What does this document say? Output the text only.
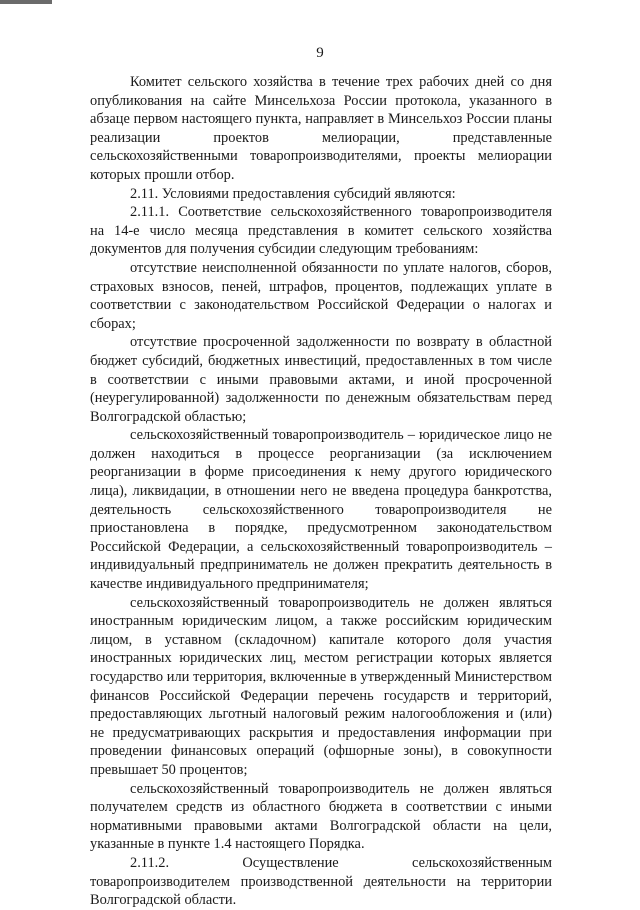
9

Комитет сельского хозяйства в течение трех рабочих дней со дня опубликования на сайте Минсельхоза России протокола, указанного в абзаце первом настоящего пункта, направляет в Минсельхоз России планы реализации проектов мелиорации, представленные сельскохозяйственными товаропроизводителями, проекты мелиорации которых прошли отбор.

2.11. Условиями предоставления субсидий являются:

2.11.1. Соответствие сельскохозяйственного товаропроизводителя на 14-е число месяца представления в комитет сельского хозяйства документов для получения субсидии следующим требованиям:

отсутствие неисполненной обязанности по уплате налогов, сборов, страховых взносов, пеней, штрафов, процентов, подлежащих уплате в соответствии с законодательством Российской Федерации о налогах и сборах;

отсутствие просроченной задолженности по возврату в областной бюджет субсидий, бюджетных инвестиций, предоставленных в том числе в соответствии с иными правовыми актами, и иной просроченной (неурегулированной) задолженности по денежным обязательствам перед Волгоградской областью;

сельскохозяйственный товаропроизводитель – юридическое лицо не должен находиться в процессе реорганизации (за исключением реорганизации в форме присоединения к нему другого юридического лица), ликвидации, в отношении него не введена процедура банкротства, деятельность сельскохозяйственного товаропроизводителя не приостановлена в порядке, предусмотренном законодательством Российской Федерации, а сельскохозяйственный товаропроизводитель – индивидуальный предприниматель не должен прекратить деятельность в качестве индивидуального предпринимателя;

сельскохозяйственный товаропроизводитель не должен являться иностранным юридическим лицом, а также российским юридическим лицом, в уставном (складочном) капитале которого доля участия иностранных юридических лиц, местом регистрации которых является государство или территория, включенные в утвержденный Министерством финансов Российской Федерации перечень государств и территорий, предоставляющих льготный налоговый режим налогообложения и (или) не предусматривающих раскрытия и предоставления информации при проведении финансовых операций (офшорные зоны), в совокупности превышает 50 процентов;

сельскохозяйственный товаропроизводитель не должен являться получателем средств из областного бюджета в соответствии с иными нормативными правовыми актами Волгоградской области на цели, указанные в пункте 1.4 настоящего Порядка.

2.11.2. Осуществление сельскохозяйственным товаропроизводителем производственной деятельности на территории Волгоградской области.
